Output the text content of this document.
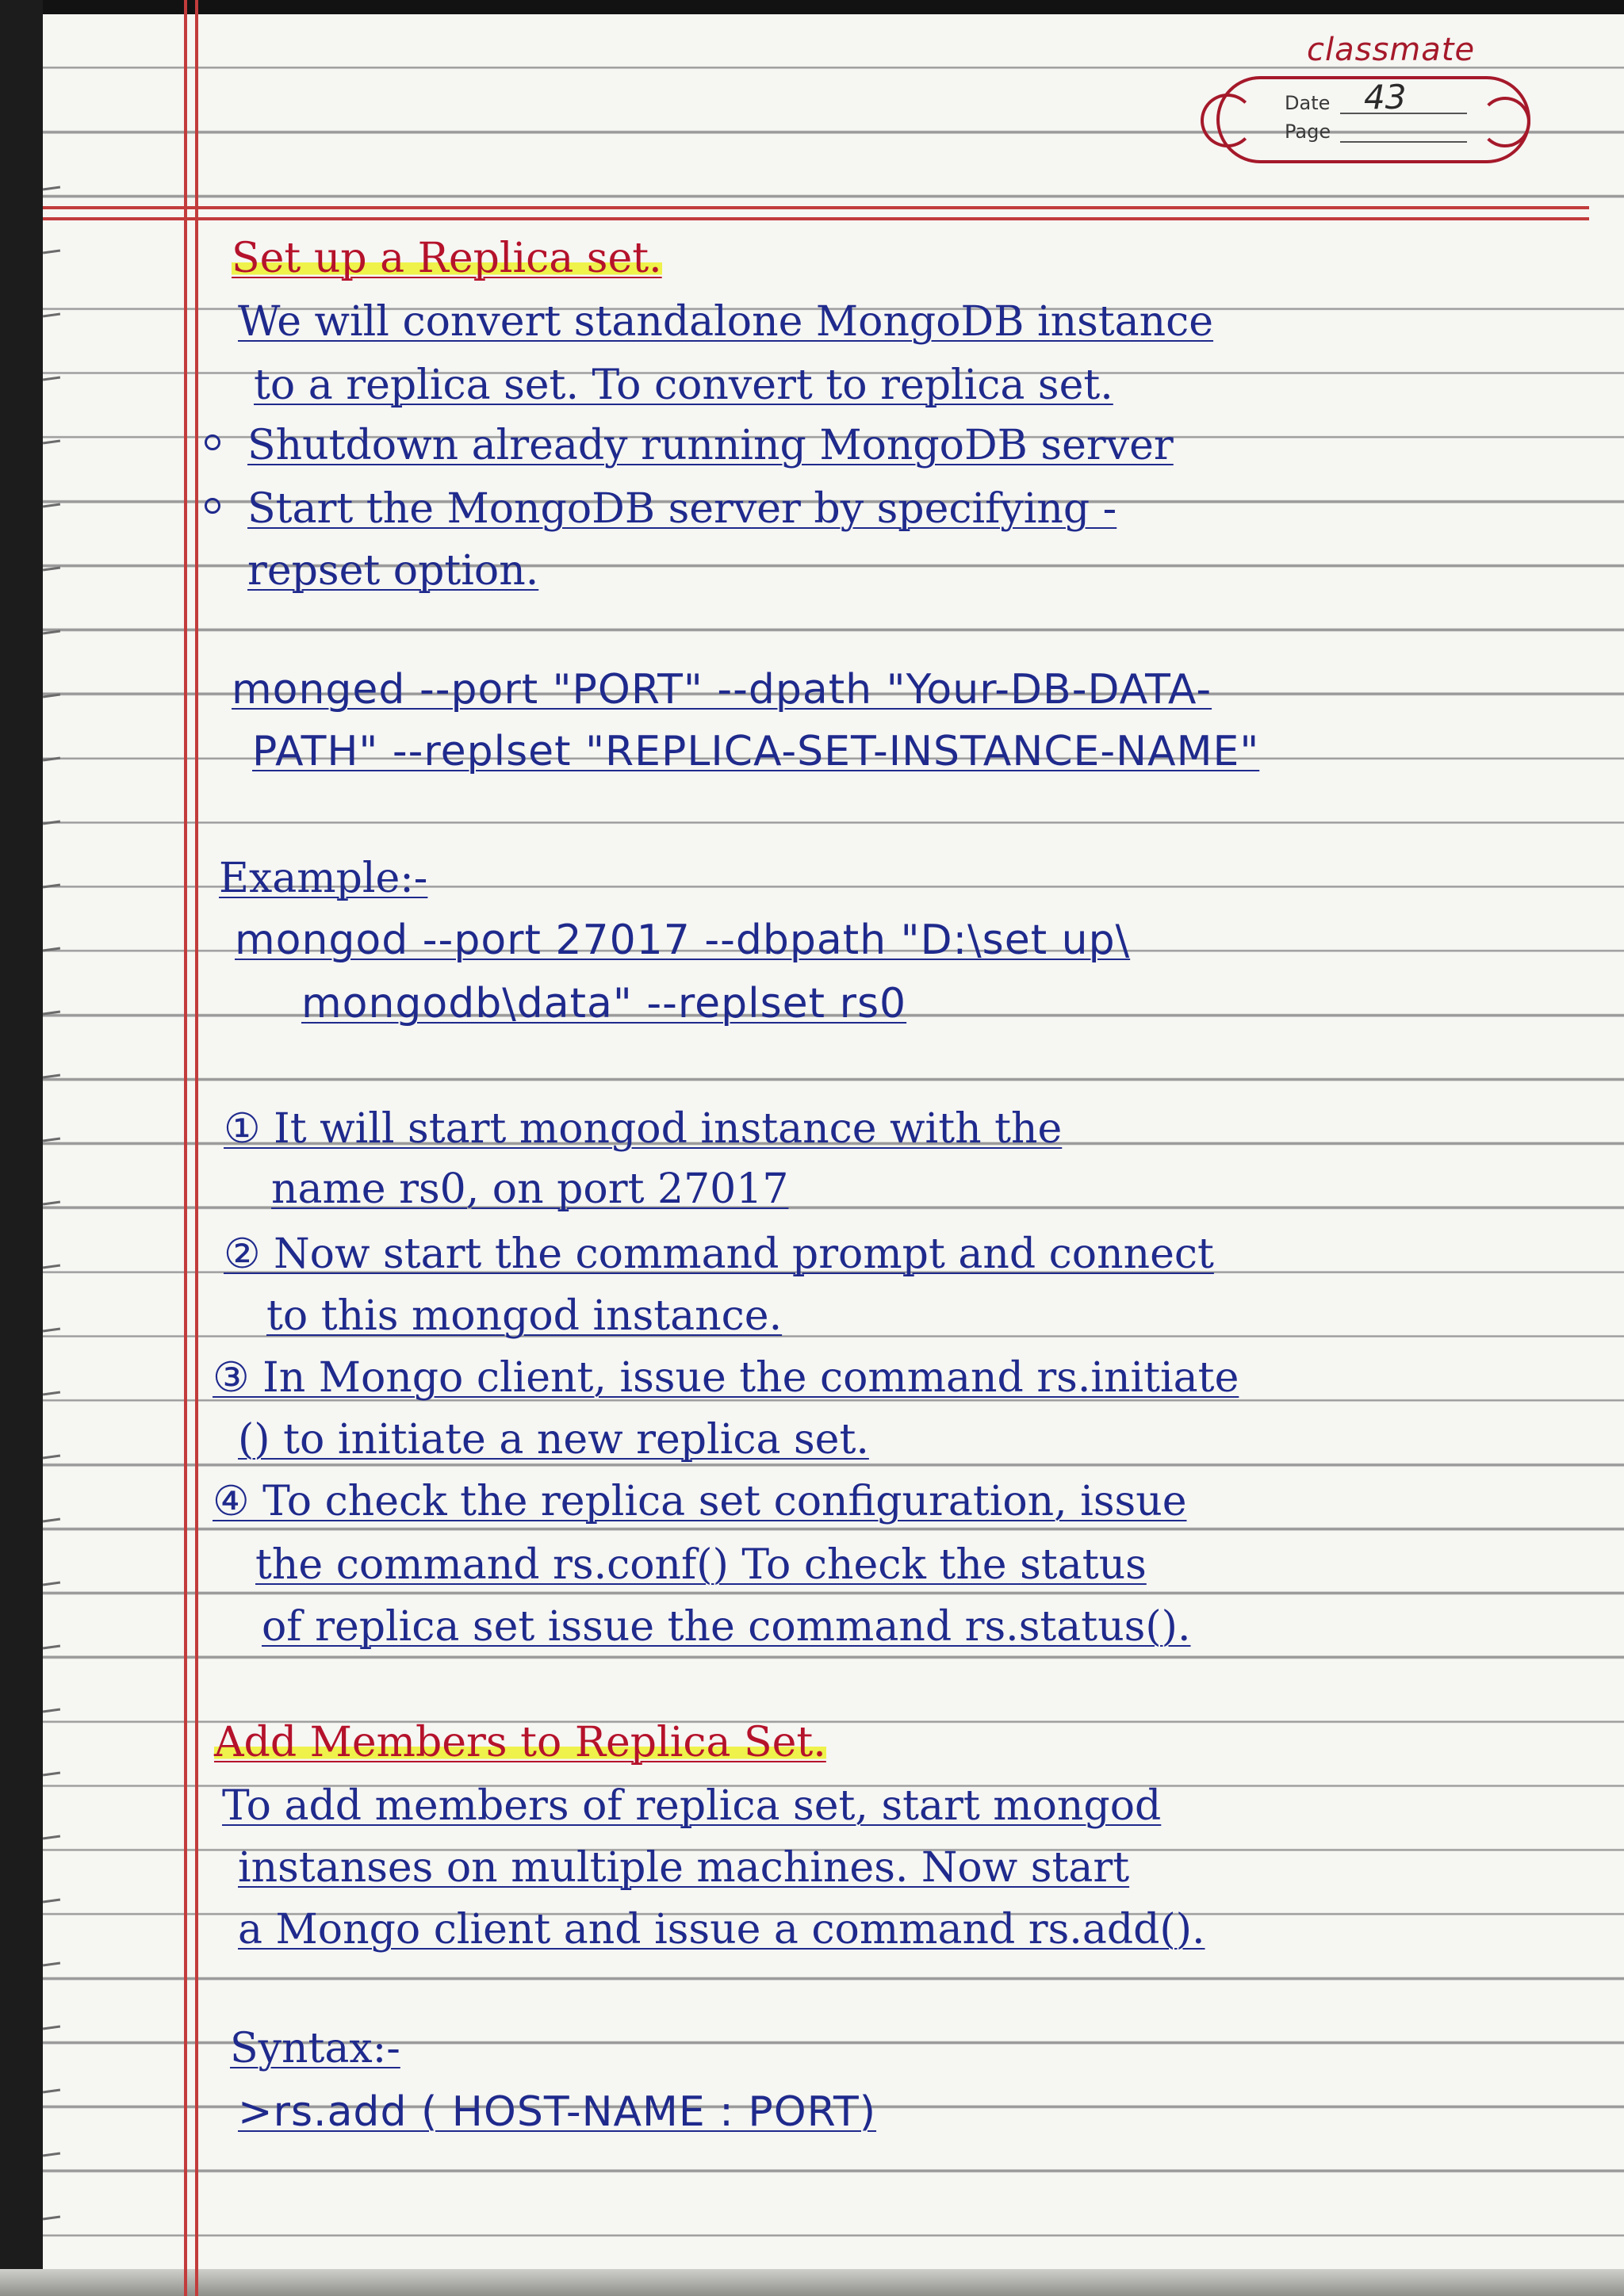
classmate
Date
Page
43
Set up a Replica set.
We will convert standalone MongoDB instance
to a replica set. To convert to replica set.
Shutdown already running MongoDB server
Start the MongoDB server by specifying -
repset option.
monged --port "PORT" --dpath "Your-DB-DATA-
PATH" --replset "REPLICA-SET-INSTANCE-NAME"
Example:-
mongod --port 27017 --dbpath "D:\set up\
mongodb\data" --replset rs0
① It will start mongod instance with the
name rs0, on port 27017
② Now start the command prompt and connect
to this mongod instance.
③ In Mongo client, issue the command rs.initiate
() to initiate a new replica set.
④ To check the replica set configuration, issue
the command rs.conf() To check the status
of replica set issue the command rs.status().
Add Members to Replica Set.
To add members of replica set, start mongod
instanses on multiple machines. Now start
a Mongo client and issue a command rs.add().
Syntax:-
>rs.add ( HOST-NAME : PORT)
